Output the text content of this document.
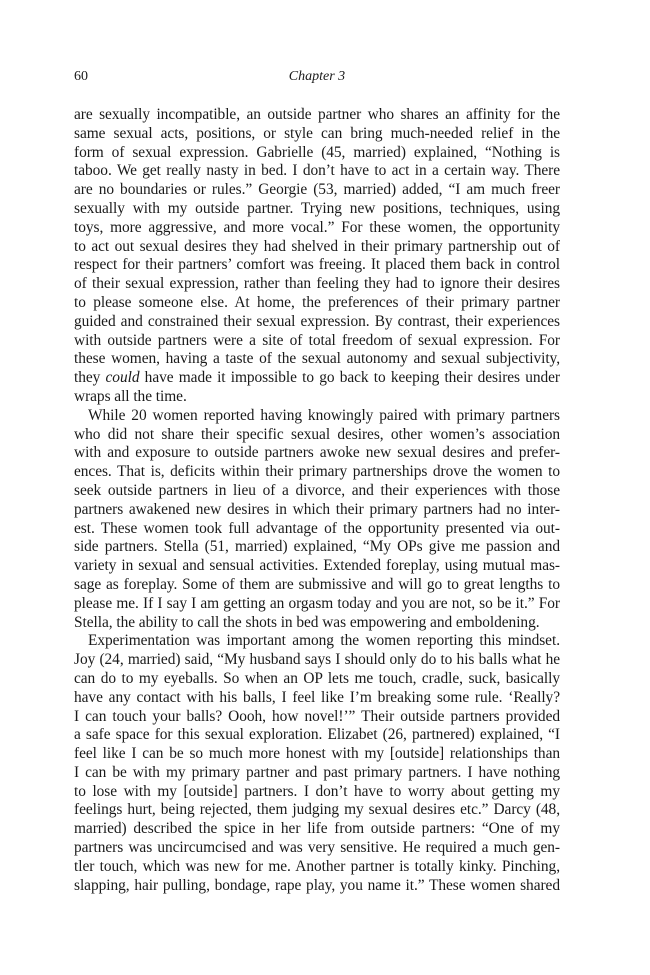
60	Chapter 3
are sexually incompatible, an outside partner who shares an affinity for the
same sexual acts, positions, or style can bring much-needed relief in the
form of sexual expression. Gabrielle (45, married) explained, “Nothing is
taboo. We get really nasty in bed. I don’t have to act in a certain way. There
are no boundaries or rules.” Georgie (53, married) added, “I am much freer
sexually with my outside partner. Trying new positions, techniques, using
toys, more aggressive, and more vocal.” For these women, the opportunity
to act out sexual desires they had shelved in their primary partnership out of
respect for their partners’ comfort was freeing. It placed them back in control
of their sexual expression, rather than feeling they had to ignore their desires
to please someone else. At home, the preferences of their primary partner
guided and constrained their sexual expression. By contrast, their experiences
with outside partners were a site of total freedom of sexual expression. For
these women, having a taste of the sexual autonomy and sexual subjectivity,
they could have made it impossible to go back to keeping their desires under
wraps all the time.
While 20 women reported having knowingly paired with primary partners
who did not share their specific sexual desires, other women’s association
with and exposure to outside partners awoke new sexual desires and prefer-
ences. That is, deficits within their primary partnerships drove the women to
seek outside partners in lieu of a divorce, and their experiences with those
partners awakened new desires in which their primary partners had no inter-
est. These women took full advantage of the opportunity presented via out-
side partners. Stella (51, married) explained, “My OPs give me passion and
variety in sexual and sensual activities. Extended foreplay, using mutual mas-
sage as foreplay. Some of them are submissive and will go to great lengths to
please me. If I say I am getting an orgasm today and you are not, so be it.” For
Stella, the ability to call the shots in bed was empowering and emboldening.
Experimentation was important among the women reporting this mindset.
Joy (24, married) said, “My husband says I should only do to his balls what he
can do to my eyeballs. So when an OP lets me touch, cradle, suck, basically
have any contact with his balls, I feel like I’m breaking some rule. ‘Really?
I can touch your balls? Oooh, how novel!’” Their outside partners provided
a safe space for this sexual exploration. Elizabet (26, partnered) explained, “I
feel like I can be so much more honest with my [outside] relationships than
I can be with my primary partner and past primary partners. I have nothing
to lose with my [outside] partners. I don’t have to worry about getting my
feelings hurt, being rejected, them judging my sexual desires etc.” Darcy (48,
married) described the spice in her life from outside partners: “One of my
partners was uncircumcised and was very sensitive. He required a much gen-
tler touch, which was new for me. Another partner is totally kinky. Pinching,
slapping, hair pulling, bondage, rape play, you name it.” These women shared
